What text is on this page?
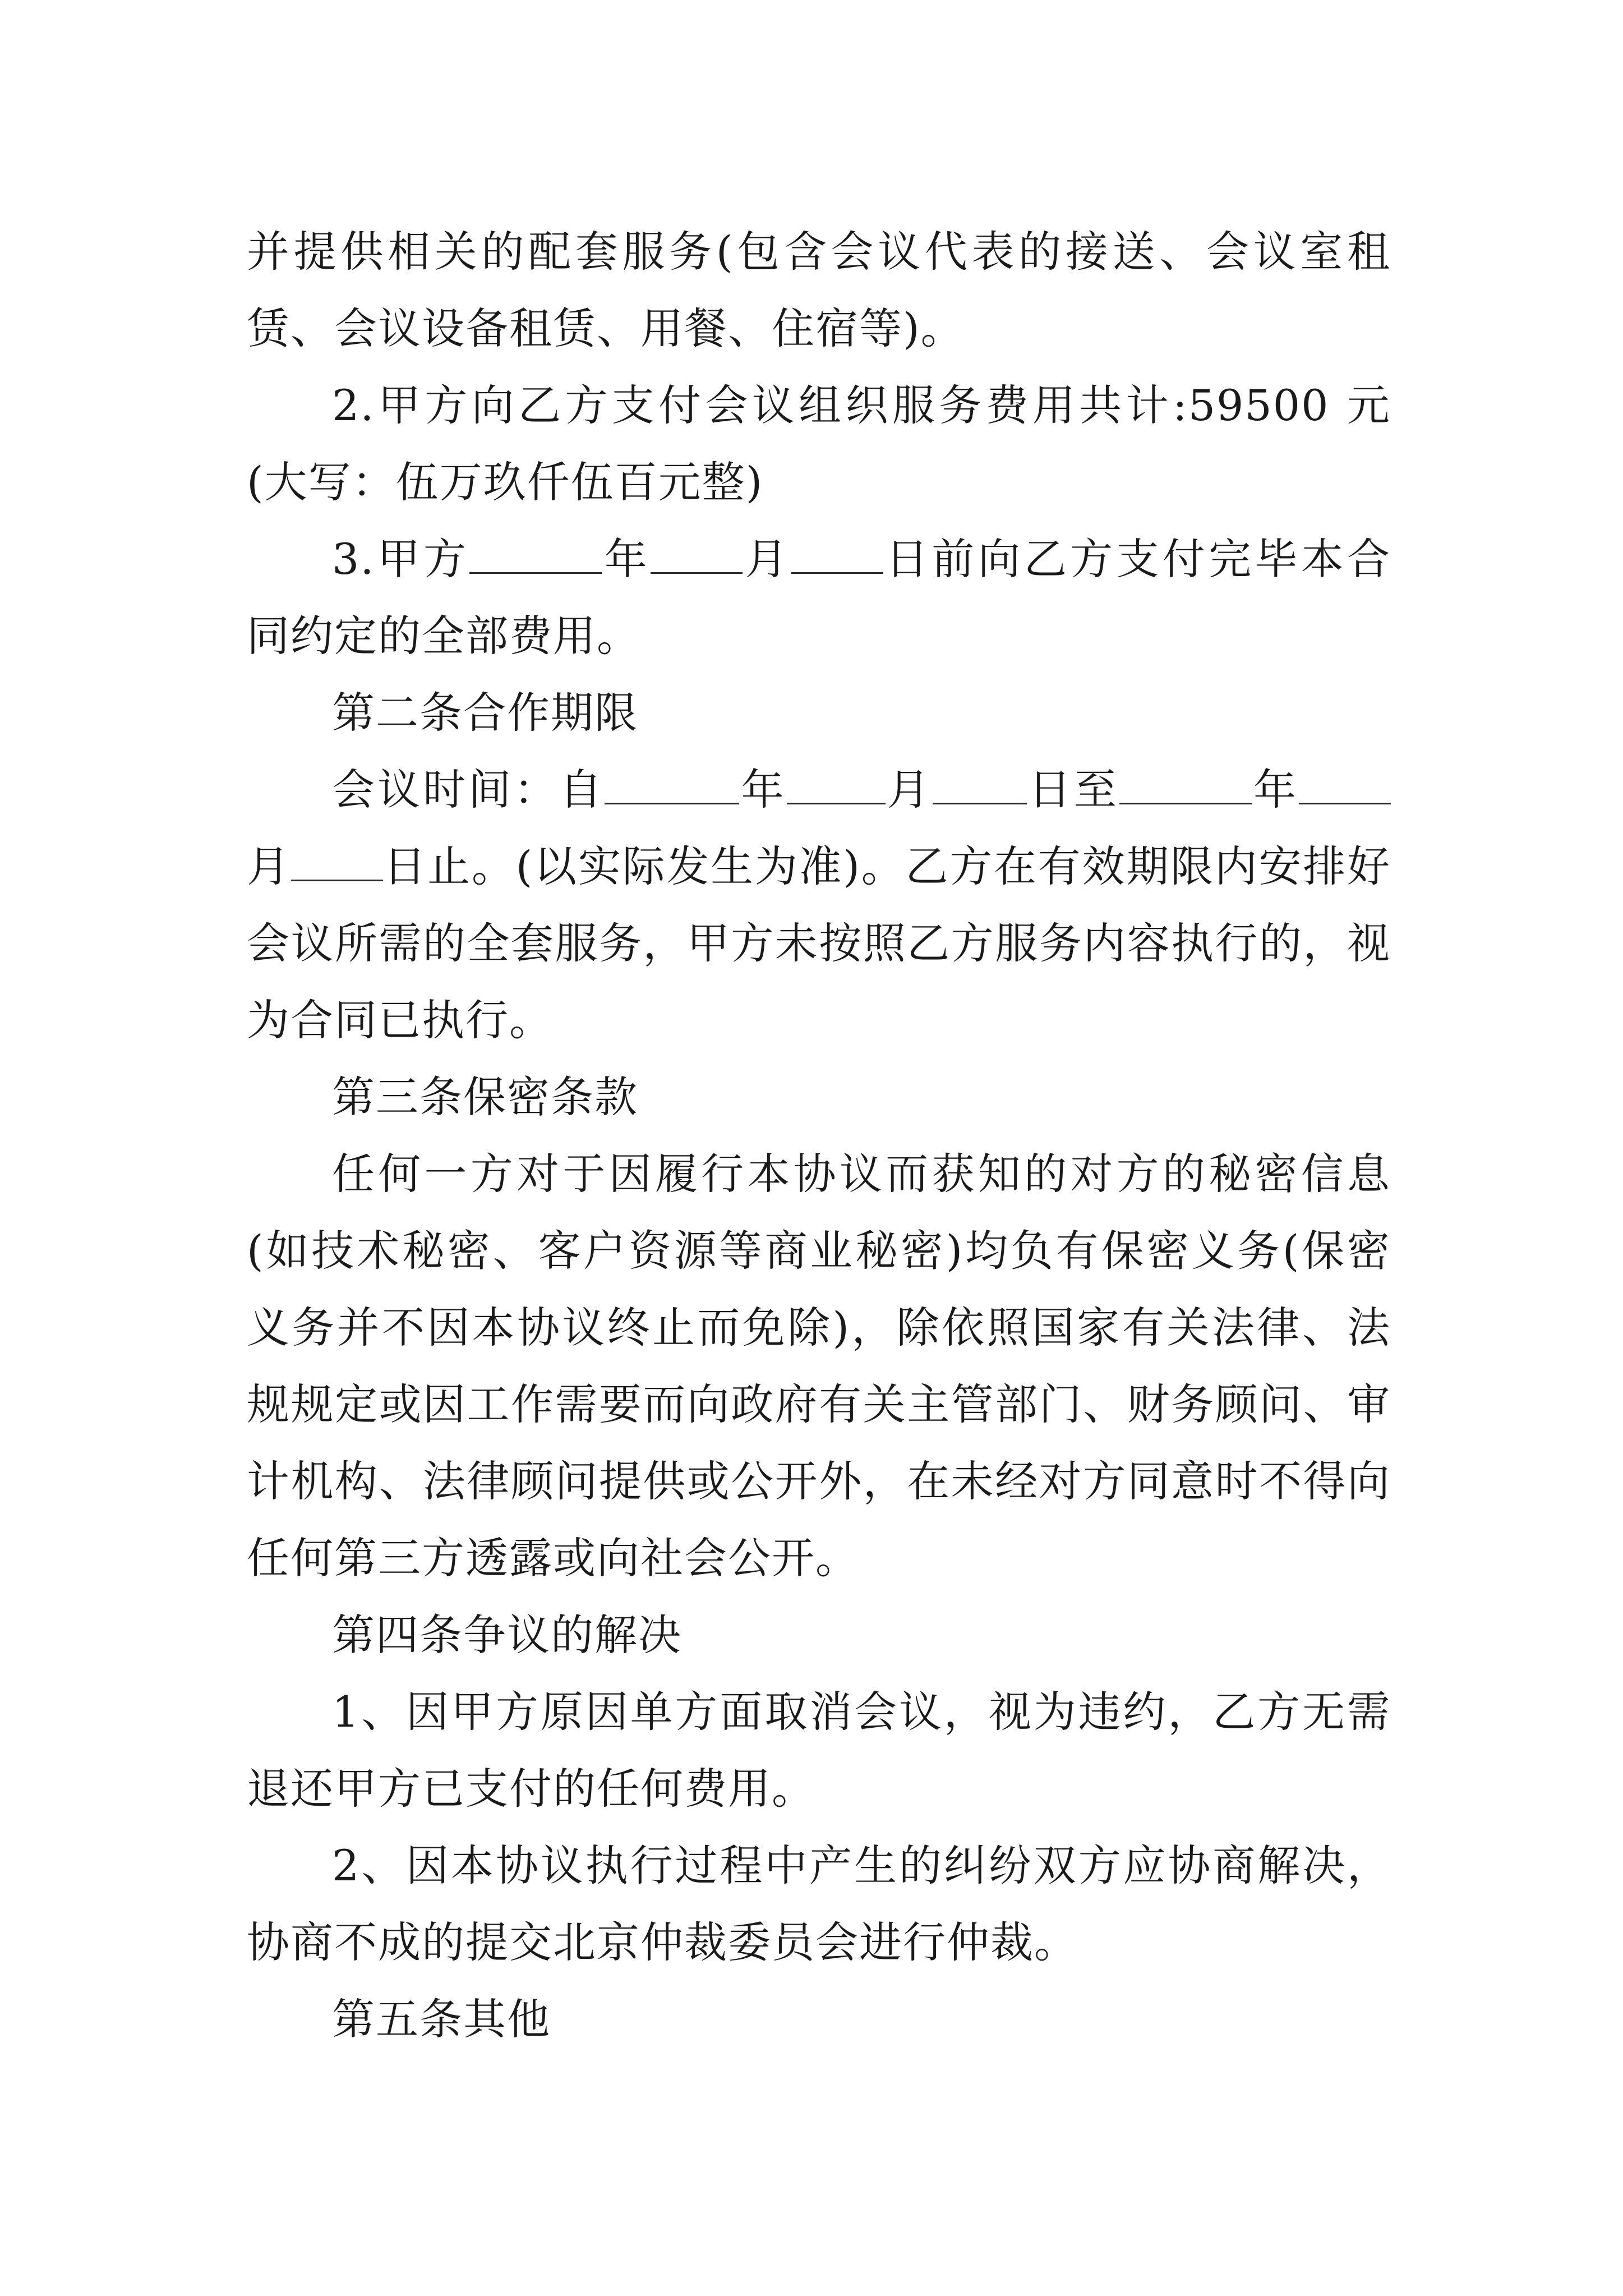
并提供相关的配套服务(包含会议代表的接送、会议室租赁、会议设备租赁、用餐、住宿等)。

2.甲方向乙方支付会议组织服务费用共计:59500 元(大写：伍万玖仟伍百元整)

3.甲方	年 月 日前向乙方支付完毕本合同约定的全部费用。

第二条合作期限

会议时间：自	年 月 日至	年月 日止。(以实际发生为准)。乙方在有效期限内安排好会议所需的全套服务，甲方未按照乙方服务内容执行的，视为合同已执行。

第三条保密条款

任何一方对于因履行本协议而获知的对方的秘密信息(如技术秘密、客户资源等商业秘密)均负有保密义务(保密义务并不因本协议终止而免除)，除依照国家有关法律、法规规定或因工作需要而向政府有关主管部门、财务顾问、审计机构、法律顾问提供或公开外，在未经对方同意时不得向任何第三方透露或向社会公开。

第四条争议的解决

1、因甲方原因单方面取消会议，视为违约，乙方无需退还甲方已支付的任何费用。

2、因本协议执行过程中产生的纠纷双方应协商解决，协商不成的提交北京仲裁委员会进行仲裁。

第五条其他
